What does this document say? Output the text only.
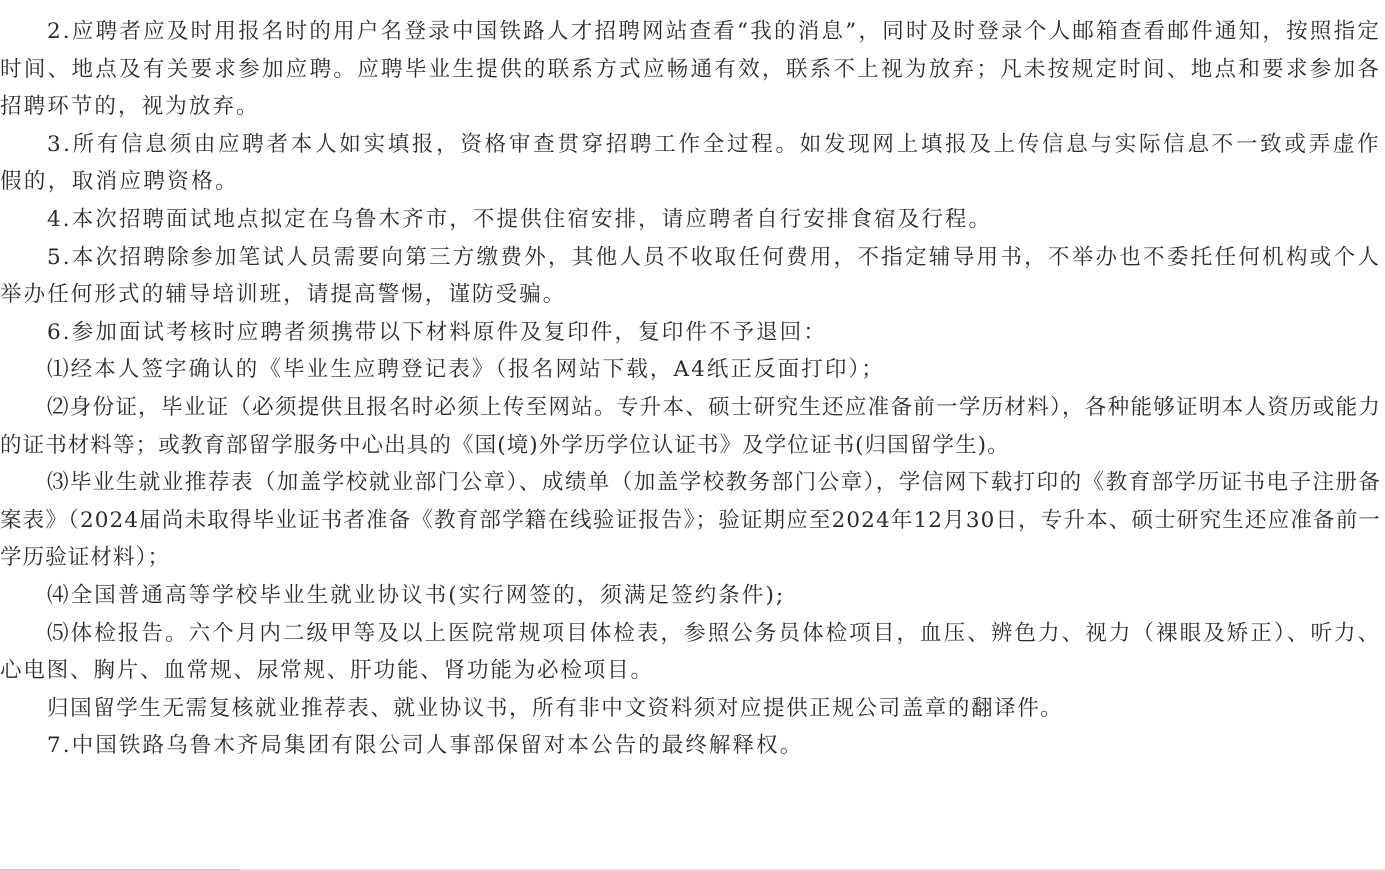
2.应聘者应及时用报名时的用户名登录中国铁路人才招聘网站查看“我的消息”，同时及时登录个人邮箱查看邮件通知，按照指定时间、地点及有关要求参加应聘。应聘毕业生提供的联系方式应畅通有效，联系不上视为放弃；凡未按规定时间、地点和要求参加各招聘环节的，视为放弃。

3.所有信息须由应聘者本人如实填报，资格审查贯穿招聘工作全过程。如发现网上填报及上传信息与实际信息不一致或弄虚作假的，取消应聘资格。

4.本次招聘面试地点拟定在乌鲁木齐市，不提供住宿安排，请应聘者自行安排食宿及行程。

5.本次招聘除参加笔试人员需要向第三方缴费外，其他人员不收取任何费用，不指定辅导用书，不举办也不委托任何机构或个人举办任何形式的辅导培训班，请提高警惕，谨防受骗。

6.参加面试考核时应聘者须携带以下材料原件及复印件，复印件不予退回：

⑴经本人签字确认的《毕业生应聘登记表》（报名网站下载，A4纸正反面打印）；

⑵身份证，毕业证（必须提供且报名时必须上传至网站。专升本、硕士研究生还应准备前一学历材料），各种能够证明本人资历或能力的证书材料等；或教育部留学服务中心出具的《国(境)外学历学位认证书》及学位证书(归国留学生)。

⑶毕业生就业推荐表（加盖学校就业部门公章）、成绩单（加盖学校教务部门公章），学信网下载打印的《教育部学历证书电子注册备案表》（2024届尚未取得毕业证书者准备《教育部学籍在线验证报告》；验证期应至2024年12月30日，专升本、硕士研究生还应准备前一学历验证材料）；

⑷全国普通高等学校毕业生就业协议书(实行网签的，须满足签约条件);

⑸体检报告。六个月内二级甲等及以上医院常规项目体检表，参照公务员体检项目，血压、辨色力、视力（裸眼及矫正）、听力、心电图、胸片、血常规、尿常规、肝功能、肾功能为必检项目。

归国留学生无需复核就业推荐表、就业协议书，所有非中文资料须对应提供正规公司盖章的翻译件。

7.中国铁路乌鲁木齐局集团有限公司人事部保留对本公告的最终解释权。
